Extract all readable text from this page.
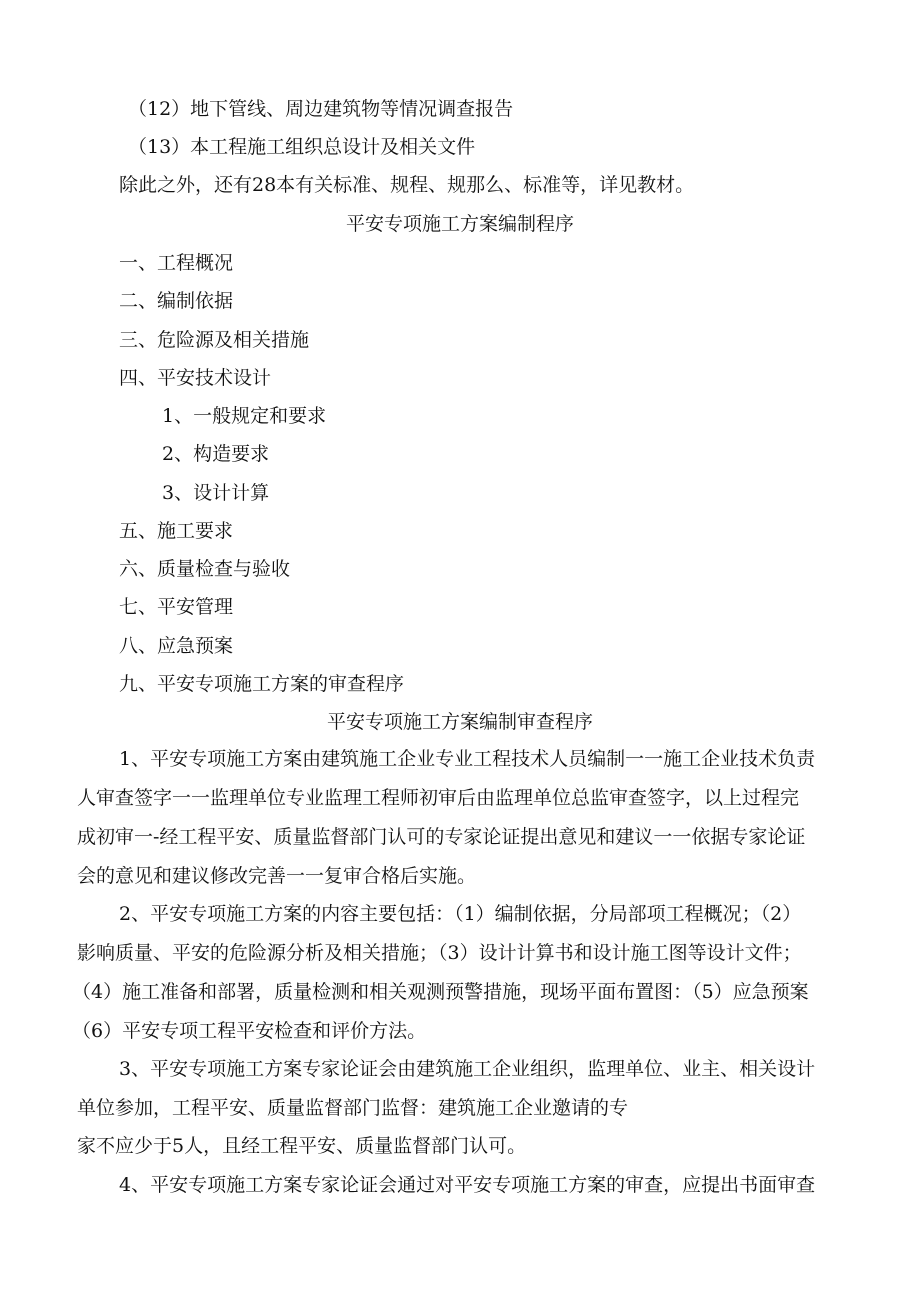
（12）地下管线、周边建筑物等情况调查报告
（13）本工程施工组织总设计及相关文件
除此之外，还有28本有关标准、规程、规那么、标准等，详见教材。
平安专项施工方案编制程序
一、工程概况
二、编制依据
三、危险源及相关措施
四、平安技术设计
1、一般规定和要求
2、构造要求
3、设计计算
五、施工要求
六、质量检查与验收
七、平安管理
八、应急预案
九、平安专项施工方案的审查程序
平安专项施工方案编制审查程序
1、平安专项施工方案由建筑施工企业专业工程技术人员编制一一施工企业技术负责
人审查签字一一监理单位专业监理工程师初审后由监理单位总监审查签字，以上过程完
成初审一-经工程平安、质量监督部门认可的专家论证提出意见和建议一一依据专家论证
会的意见和建议修改完善一一复审合格后实施。
2、平安专项施工方案的内容主要包括：（1）编制依据，分局部项工程概况；（2）
影响质量、平安的危险源分析及相关措施；（3）设计计算书和设计施工图等设计文件；
（4）施工准备和部署，质量检测和相关观测预警措施，现场平面布置图：（5）应急预案
（6）平安专项工程平安检查和评价方法。
3、平安专项施工方案专家论证会由建筑施工企业组织，监理单位、业主、相关设计
单位参加，工程平安、质量监督部门监督：建筑施工企业邀请的专
家不应少于5人，且经工程平安、质量监督部门认可。
4、平安专项施工方案专家论证会通过对平安专项施工方案的审查，应提出书面审查
